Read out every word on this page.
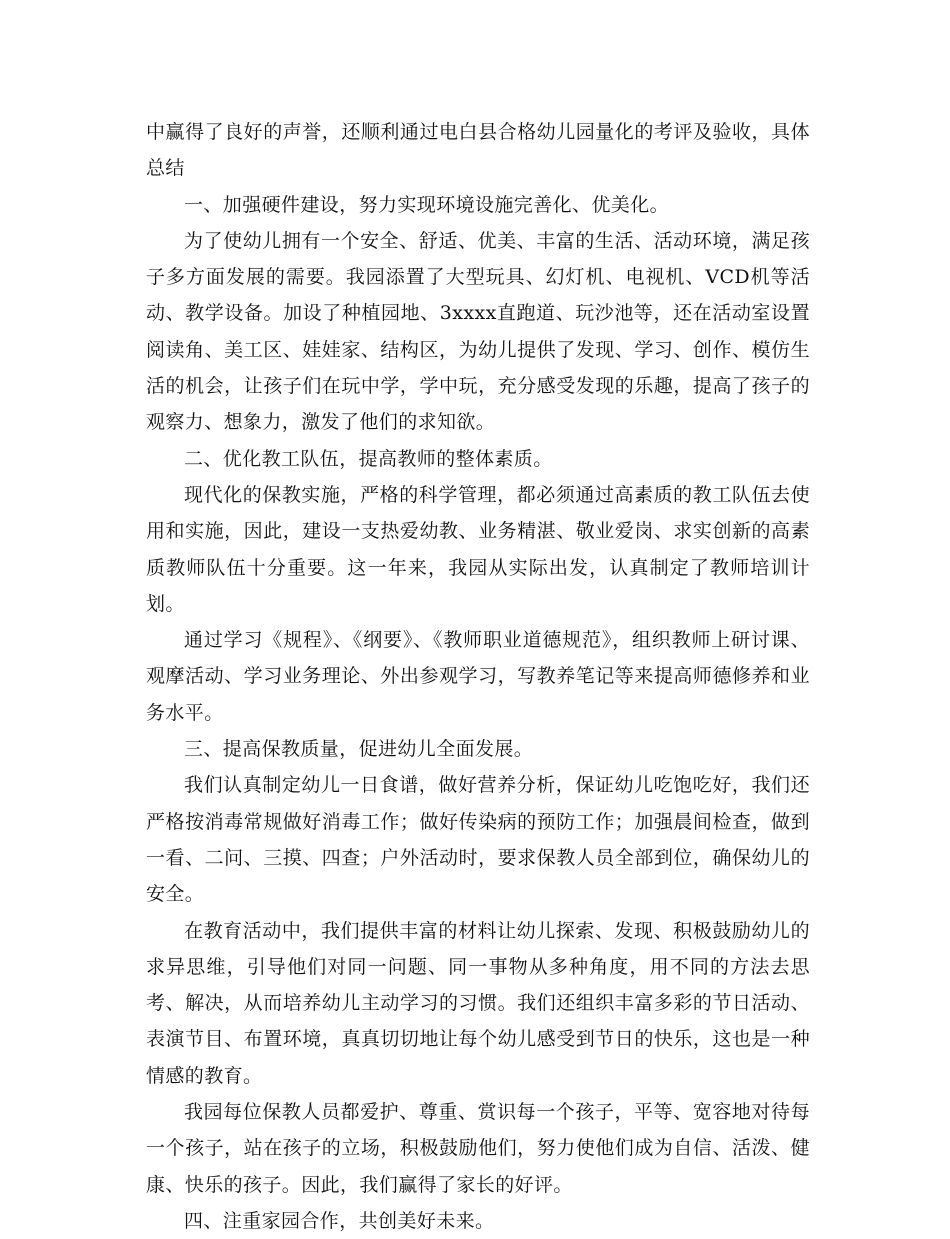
中赢得了良好的声誉，还顺利通过电白县合格幼儿园量化的考评及验收，具体总结

一、加强硬件建设，努力实现环境设施完善化、优美化。

为了使幼儿拥有一个安全、舒适、优美、丰富的生活、活动环境，满足孩子多方面发展的需要。我园添置了大型玩具、幻灯机、电视机、VCD机等活动、教学设备。加设了种植园地、3xxxx直跑道、玩沙池等，还在活动室设置阅读角、美工区、娃娃家、结构区，为幼儿提供了发现、学习、创作、模仿生活的机会，让孩子们在玩中学，学中玩，充分感受发现的乐趣，提高了孩子的观察力、想象力，激发了他们的求知欲。

二、优化教工队伍，提高教师的整体素质。

现代化的保教实施，严格的科学管理，都必须通过高素质的教工队伍去使用和实施，因此，建设一支热爱幼教、业务精湛、敬业爱岗、求实创新的高素质教师队伍十分重要。这一年来，我园从实际出发，认真制定了教师培训计划。

通过学习《规程》、《纲要》、《教师职业道德规范》，组织教师上研讨课、观摩活动、学习业务理论、外出参观学习，写教养笔记等来提高师德修养和业务水平。

三、提高保教质量，促进幼儿全面发展。

我们认真制定幼儿一日食谱，做好营养分析，保证幼儿吃饱吃好，我们还严格按消毒常规做好消毒工作；做好传染病的预防工作；加强晨间检查，做到一看、二问、三摸、四查；户外活动时，要求保教人员全部到位，确保幼儿的安全。

在教育活动中，我们提供丰富的材料让幼儿探索、发现、积极鼓励幼儿的求异思维，引导他们对同一问题、同一事物从多种角度，用不同的方法去思考、解决，从而培养幼儿主动学习的习惯。我们还组织丰富多彩的节日活动、表演节目、布置环境，真真切切地让每个幼儿感受到节日的快乐，这也是一种情感的教育。

我园每位保教人员都爱护、尊重、赏识每一个孩子，平等、宽容地对待每一个孩子，站在孩子的立场，积极鼓励他们，努力使他们成为自信、活泼、健康、快乐的孩子。因此，我们赢得了家长的好评。

四、注重家园合作，共创美好未来。
